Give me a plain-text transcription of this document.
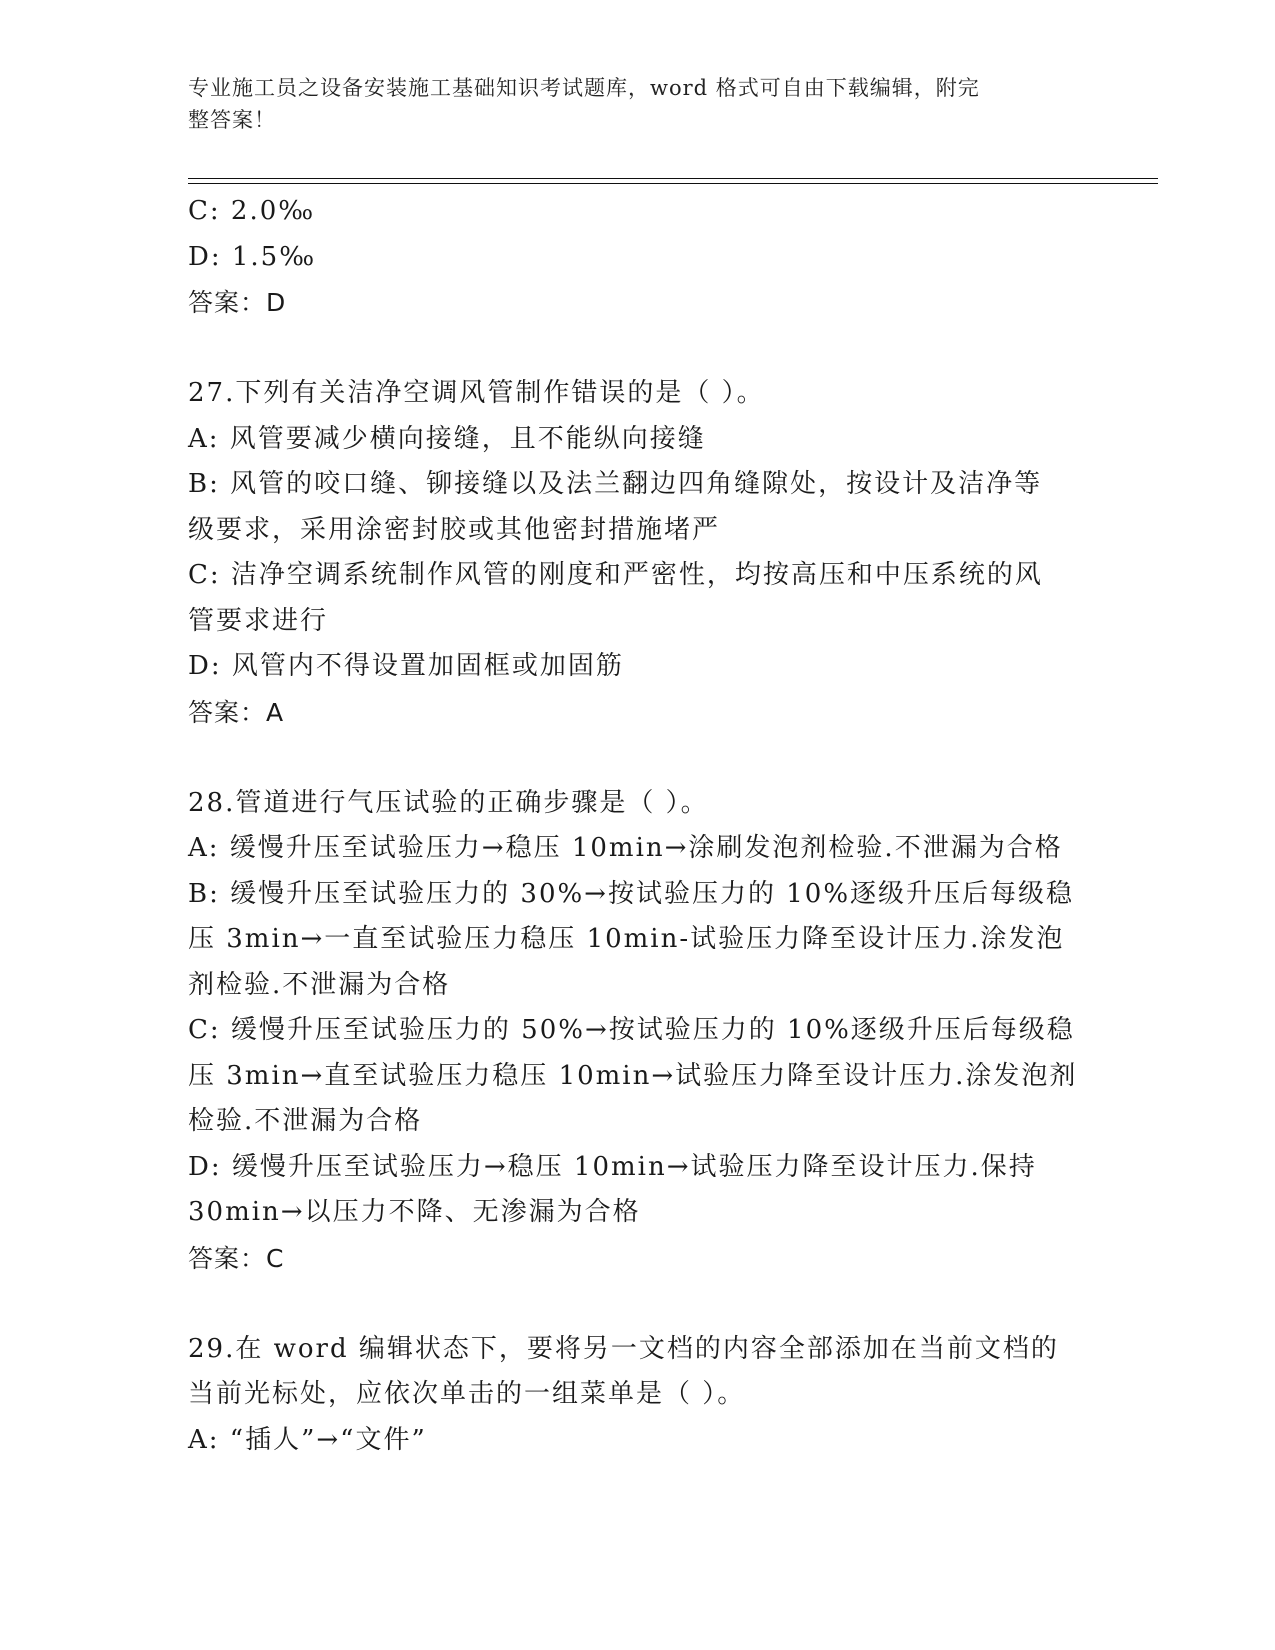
专业施工员之设备安装施工基础知识考试题库，word 格式可自由下载编辑，附完
整答案！
C: 2.0‰
D: 1.5‰
答案：D
27.下列有关洁净空调风管制作错误的是（ ）。
A: 风管要减少横向接缝，且不能纵向接缝
B: 风管的咬口缝、铆接缝以及法兰翻边四角缝隙处，按设计及洁净等
级要求，采用涂密封胶或其他密封措施堵严
C: 洁净空调系统制作风管的刚度和严密性，均按高压和中压系统的风
管要求进行
D: 风管内不得设置加固框或加固筋
答案：A
28.管道进行气压试验的正确步骤是（ ）。
A: 缓慢升压至试验压力→稳压 10min→涂刷发泡剂检验.不泄漏为合格
B: 缓慢升压至试验压力的 30%→按试验压力的 10%逐级升压后每级稳
压 3min→一直至试验压力稳压 10min-试验压力降至设计压力.涂发泡
剂检验.不泄漏为合格
C: 缓慢升压至试验压力的 50%→按试验压力的 10%逐级升压后每级稳
压 3min→直至试验压力稳压 10min→试验压力降至设计压力.涂发泡剂
检验.不泄漏为合格
D: 缓慢升压至试验压力→稳压 10min→试验压力降至设计压力.保持
30min→以压力不降、无渗漏为合格
答案：C
29.在 word 编辑状态下，要将另一文档的内容全部添加在当前文档的
当前光标处，应依次单击的一组菜单是（ ）。
A: “插人”→“文件”
